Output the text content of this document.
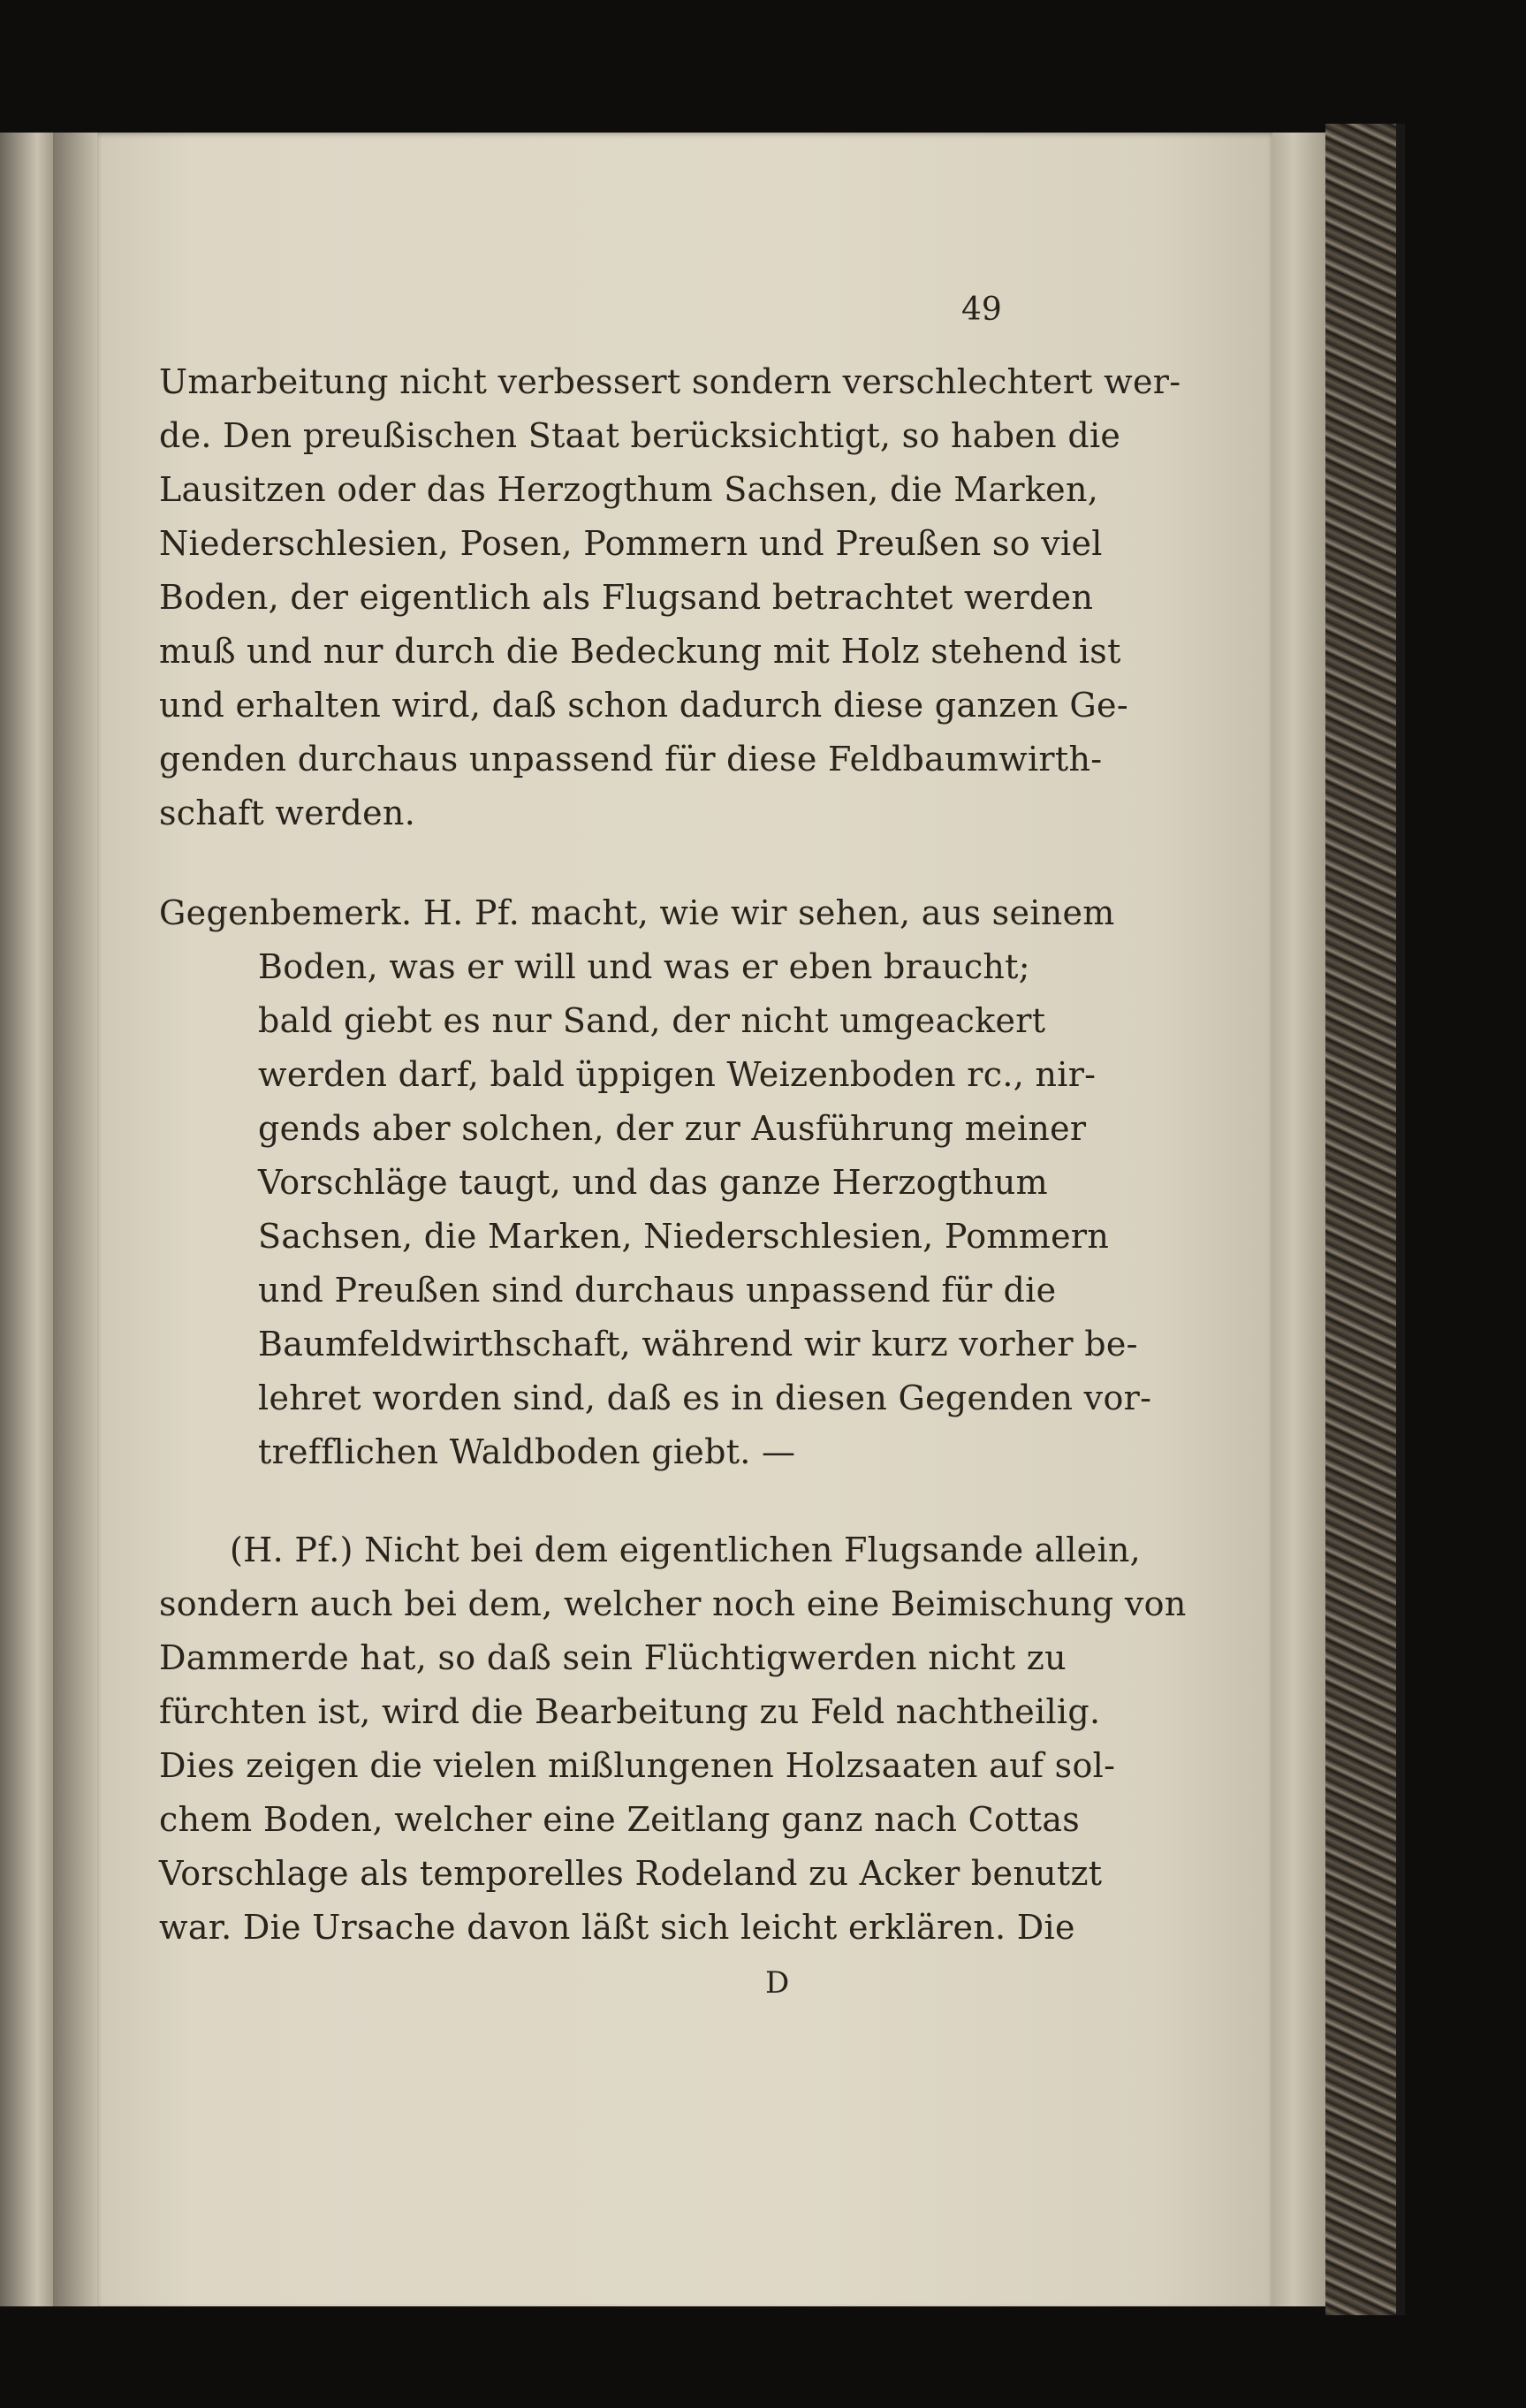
49
Umarbeitung nicht verbessert sondern verschlechtert wer-
de. Den preußischen Staat berücksichtigt, so haben die
Lausitzen oder das Herzogthum Sachsen, die Marken,
Niederschlesien, Posen, Pommern und Preußen so viel
Boden, der eigentlich als Flugsand betrachtet werden
muß und nur durch die Bedeckung mit Holz stehend ist
und erhalten wird, daß schon dadurch diese ganzen Ge-
genden durchaus unpassend für diese Feldbaumwirth-
schaft werden.
Gegenbemerk. H. Pf. macht, wie wir sehen, aus seinem
Boden, was er will und was er eben braucht;
bald giebt es nur Sand, der nicht umgeackert
werden darf, bald üppigen Weizenboden rc., nir-
gends aber solchen, der zur Ausführung meiner
Vorschläge taugt, und das ganze Herzogthum
Sachsen, die Marken, Niederschlesien, Pommern
und Preußen sind durchaus unpassend für die
Baumfeldwirthschaft, während wir kurz vorher be-
lehret worden sind, daß es in diesen Gegenden vor-
trefflichen Waldboden giebt. —
(H. Pf.) Nicht bei dem eigentlichen Flugsande allein,
sondern auch bei dem, welcher noch eine Beimischung von
Dammerde hat, so daß sein Flüchtigwerden nicht zu
fürchten ist, wird die Bearbeitung zu Feld nachtheilig.
Dies zeigen die vielen mißlungenen Holzsaaten auf sol-
chem Boden, welcher eine Zeitlang ganz nach Cottas
Vorschlage als temporelles Rodeland zu Acker benutzt
war. Die Ursache davon läßt sich leicht erklären. Die
D
